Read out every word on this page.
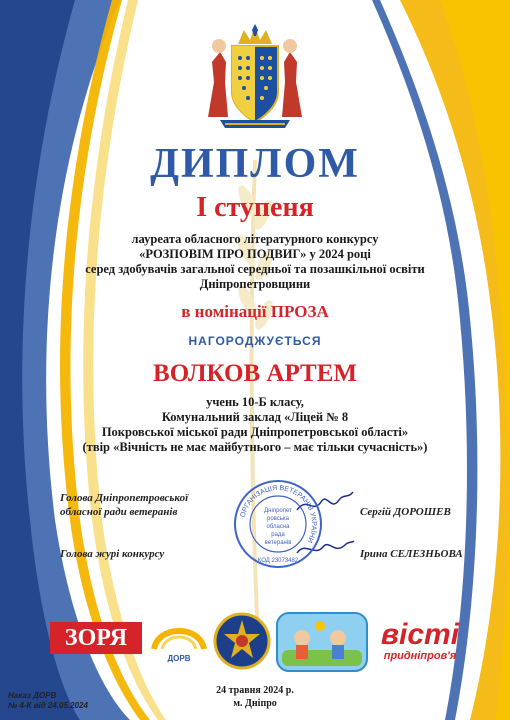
ДИПЛОМ
І ступеня
лауреата обласного літературного конкурсу
«РОЗПОВІМ ПРО ПОДВИГ» у 2024 році
серед здобувачів загальної середньої та позашкільної освіти
Дніпропетровщини
в номінації ПРОЗА
НАГОРОДЖУЄТЬСЯ
ВОЛКОВ АРТЕМ
учень 10-Б класу,
Комунальний заклад «Ліцей № 8
Покровської міської ради Дніпропетровської області»
(твір «Вічність не має майбутнього – має тільки сучасність»)
Голова Дніпропетровської
обласної ради ветеранів	Сергій ДОРОШЕВ
Голова журі конкурсу	Ірина СЕЛЕЗНЬОВА
ОРГАНІЗАЦІЯ ВЕТЕРАНІВ УКРАЇНИ
Дніпропет
ровська
обласна
рада
ветеранів
КОД 23073482
ЗОРЯ
ДОРВ
вісті
придніпров'я
24 травня 2024 р.
м. Дніпро
Наказ ДОРВ
№ 4-К від 24.05.2024
